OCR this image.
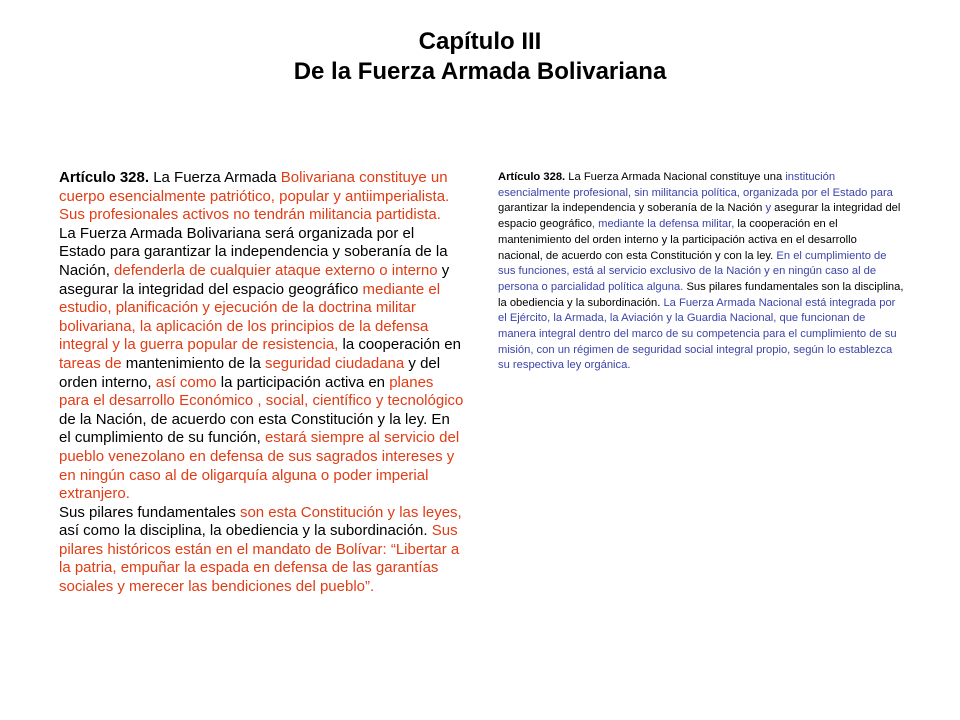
Capítulo III
De la Fuerza Armada Bolivariana

Artículo 328. La Fuerza Armada Bolivariana constituye un cuerpo esencialmente patriótico, popular y antiimperialista. Sus profesionales activos no tendrán militancia partidista.

La Fuerza Armada Bolivariana será organizada por el Estado para garantizar la independencia y soberanía de la Nación, defenderla de cualquier ataque externo o interno y asegurar la integridad del espacio geográfico mediante el estudio, planificación y ejecución de la doctrina militar bolivariana, la aplicación de los principios de la defensa integral y la guerra popular de resistencia, la cooperación en tareas de mantenimiento de la seguridad ciudadana y del orden interno, así como la participación activa en planes para el desarrollo Económico , social, científico y tecnológico de la Nación, de acuerdo con esta Constitución y la ley. En el cumplimiento de su función, estará siempre al servicio del pueblo venezolano en defensa de sus sagrados intereses y en ningún caso al de oligarquía alguna o poder imperial extranjero.

Sus pilares fundamentales son esta Constitución y las leyes, así como la disciplina, la obediencia y la subordinación. Sus pilares históricos están en el mandato de Bolívar: “Libertar a la patria, empuñar la espada en defensa de las garantías sociales y merecer las bendiciones del pueblo”.

Artículo 328. La Fuerza Armada Nacional constituye una institución esencialmente profesional, sin militancia política, organizada por el Estado para garantizar la independencia y soberanía de la Nación y asegurar la integridad del espacio geográfico, mediante la defensa militar, la cooperación en el mantenimiento del orden interno y la participación activa en el desarrollo nacional, de acuerdo con esta Constitución y con la ley. En el cumplimiento de sus funciones, está al servicio exclusivo de la Nación y en ningún caso al de persona o parcialidad política alguna. Sus pilares fundamentales son la disciplina, la obediencia y la subordinación. La Fuerza Armada Nacional está integrada por el Ejército, la Armada, la Aviación y la Guardia Nacional, que funcionan de manera integral dentro del marco de su competencia para el cumplimiento de su misión, con un régimen de seguridad social integral propio, según lo establezca su respectiva ley orgánica.
